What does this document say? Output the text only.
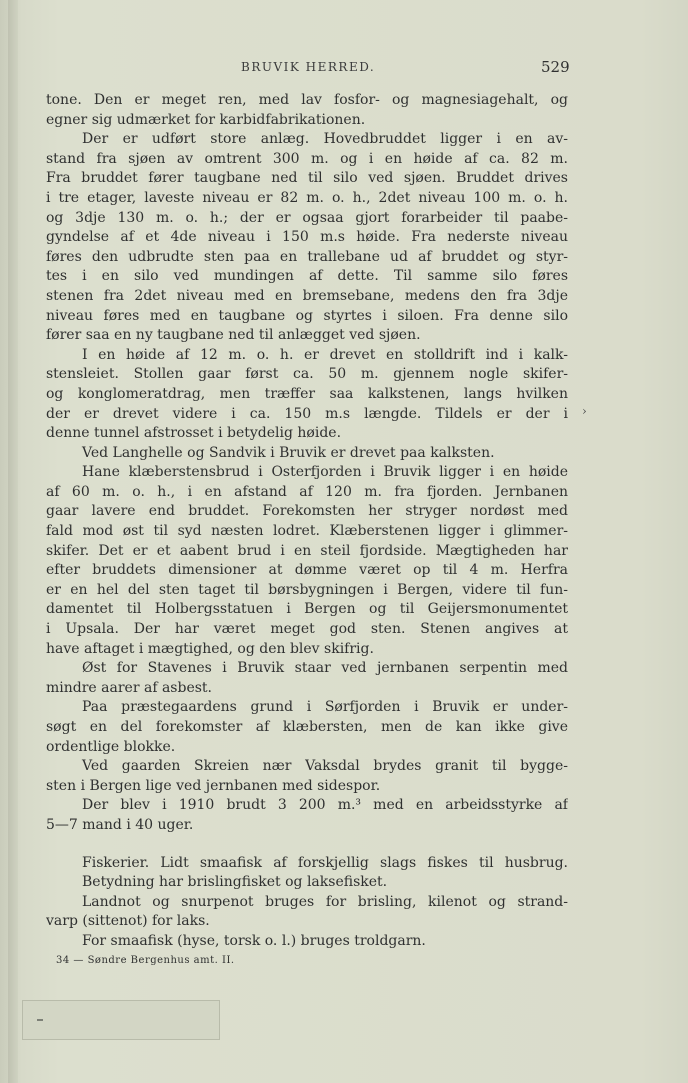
BRUVIK HERRED.	529
tone. Den er meget ren, med lav fosfor- og magnesiagehalt, og
egner sig udmærket for karbidfabrikationen.
Der er udført store anlæg. Hovedbruddet ligger i en av-
stand fra sjøen av omtrent 300 m. og i en høide af ca. 82 m.
Fra bruddet fører taugbane ned til silo ved sjøen. Bruddet drives
i tre etager, laveste niveau er 82 m. o. h., 2det niveau 100 m. o. h.
og 3dje 130 m. o. h.; der er ogsaa gjort forarbeider til paabe-
gyndelse af et 4de niveau i 150 m.s høide. Fra nederste niveau
føres den udbrudte sten paa en trallebane ud af bruddet og styr-
tes i en silo ved mundingen af dette. Til samme silo føres
stenen fra 2det niveau med en bremsebane, medens den fra 3dje
niveau føres med en taugbane og styrtes i siloen. Fra denne silo
fører saa en ny taugbane ned til anlægget ved sjøen.
I en høide af 12 m. o. h. er drevet en stolldrift ind i kalk-
stensleiet. Stollen gaar først ca. 50 m. gjennem nogle skifer-
og konglomeratdrag, men træffer saa kalkstenen, langs hvilken
der er drevet videre i ca. 150 m.s længde. Tildels er der i
denne tunnel afstrosset i betydelig høide.
Ved Langhelle og Sandvik i Bruvik er drevet paa kalksten.
Hane klæberstensbrud i Osterfjorden i Bruvik ligger i en høide
af 60 m. o. h., i en afstand af 120 m. fra fjorden. Jernbanen
gaar lavere end bruddet. Forekomsten her stryger nordøst med
fald mod øst til syd næsten lodret. Klæberstenen ligger i glimmer-
skifer. Det er et aabent brud i en steil fjordside. Mægtigheden har
efter bruddets dimensioner at dømme været op til 4 m. Herfra
er en hel del sten taget til børsbygningen i Bergen, videre til fun-
damentet til Holbergsstatuen i Bergen og til Geijersmonumentet
i Upsala. Der har været meget god sten. Stenen angives at
have aftaget i mægtighed, og den blev skifrig.
Øst for Stavenes i Bruvik staar ved jernbanen serpentin med
mindre aarer af asbest.
Paa præstegaardens grund i Sørfjorden i Bruvik er under-
søgt en del forekomster af klæbersten, men de kan ikke give
ordentlige blokke.
Ved gaarden Skreien nær Vaksdal brydes granit til bygge-
sten i Bergen lige ved jernbanen med sidespor.
Der blev i 1910 brudt 3 200 m.³ med en arbeidsstyrke af
5—7 mand i 40 uger.
Fiskerier. Lidt smaafisk af forskjellig slags fiskes til husbrug.
Betydning har brislingfisket og laksefisket.
Landnot og snurpenot bruges for brisling, kilenot og strand-
varp (sittenot) for laks.
For smaafisk (hyse, torsk o. l.) bruges troldgarn.
34 — Søndre Bergenhus amt. II.
›
